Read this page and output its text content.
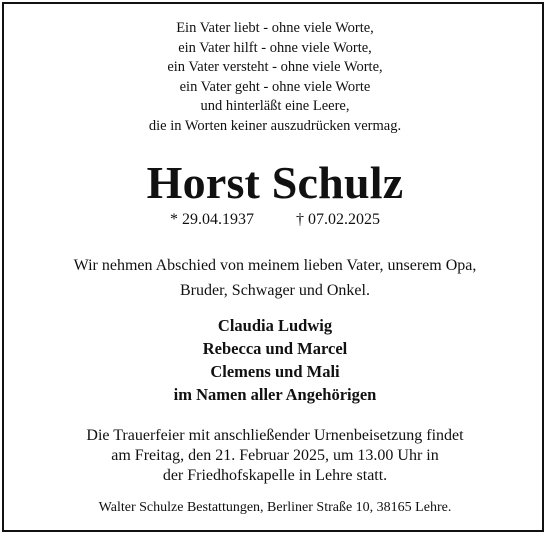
Ein Vater liebt - ohne viele Worte,
ein Vater hilft - ohne viele Worte,
ein Vater versteht - ohne viele Worte,
ein Vater geht - ohne viele Worte
und hinterläßt eine Leere,
die in Worten keiner auszudrücken vermag.
Horst Schulz
* 29.04.1937	† 07.02.2025
Wir nehmen Abschied von meinem lieben Vater, unserem Opa,
Bruder, Schwager und Onkel.
Claudia Ludwig
Rebecca und Marcel
Clemens und Mali
im Namen aller Angehörigen
Die Trauerfeier mit anschließender Urnenbeisetzung findet
am Freitag, den 21. Februar 2025, um 13.00 Uhr in
der Friedhofskapelle in Lehre statt.
Walter Schulze Bestattungen, Berliner Straße 10, 38165 Lehre.
